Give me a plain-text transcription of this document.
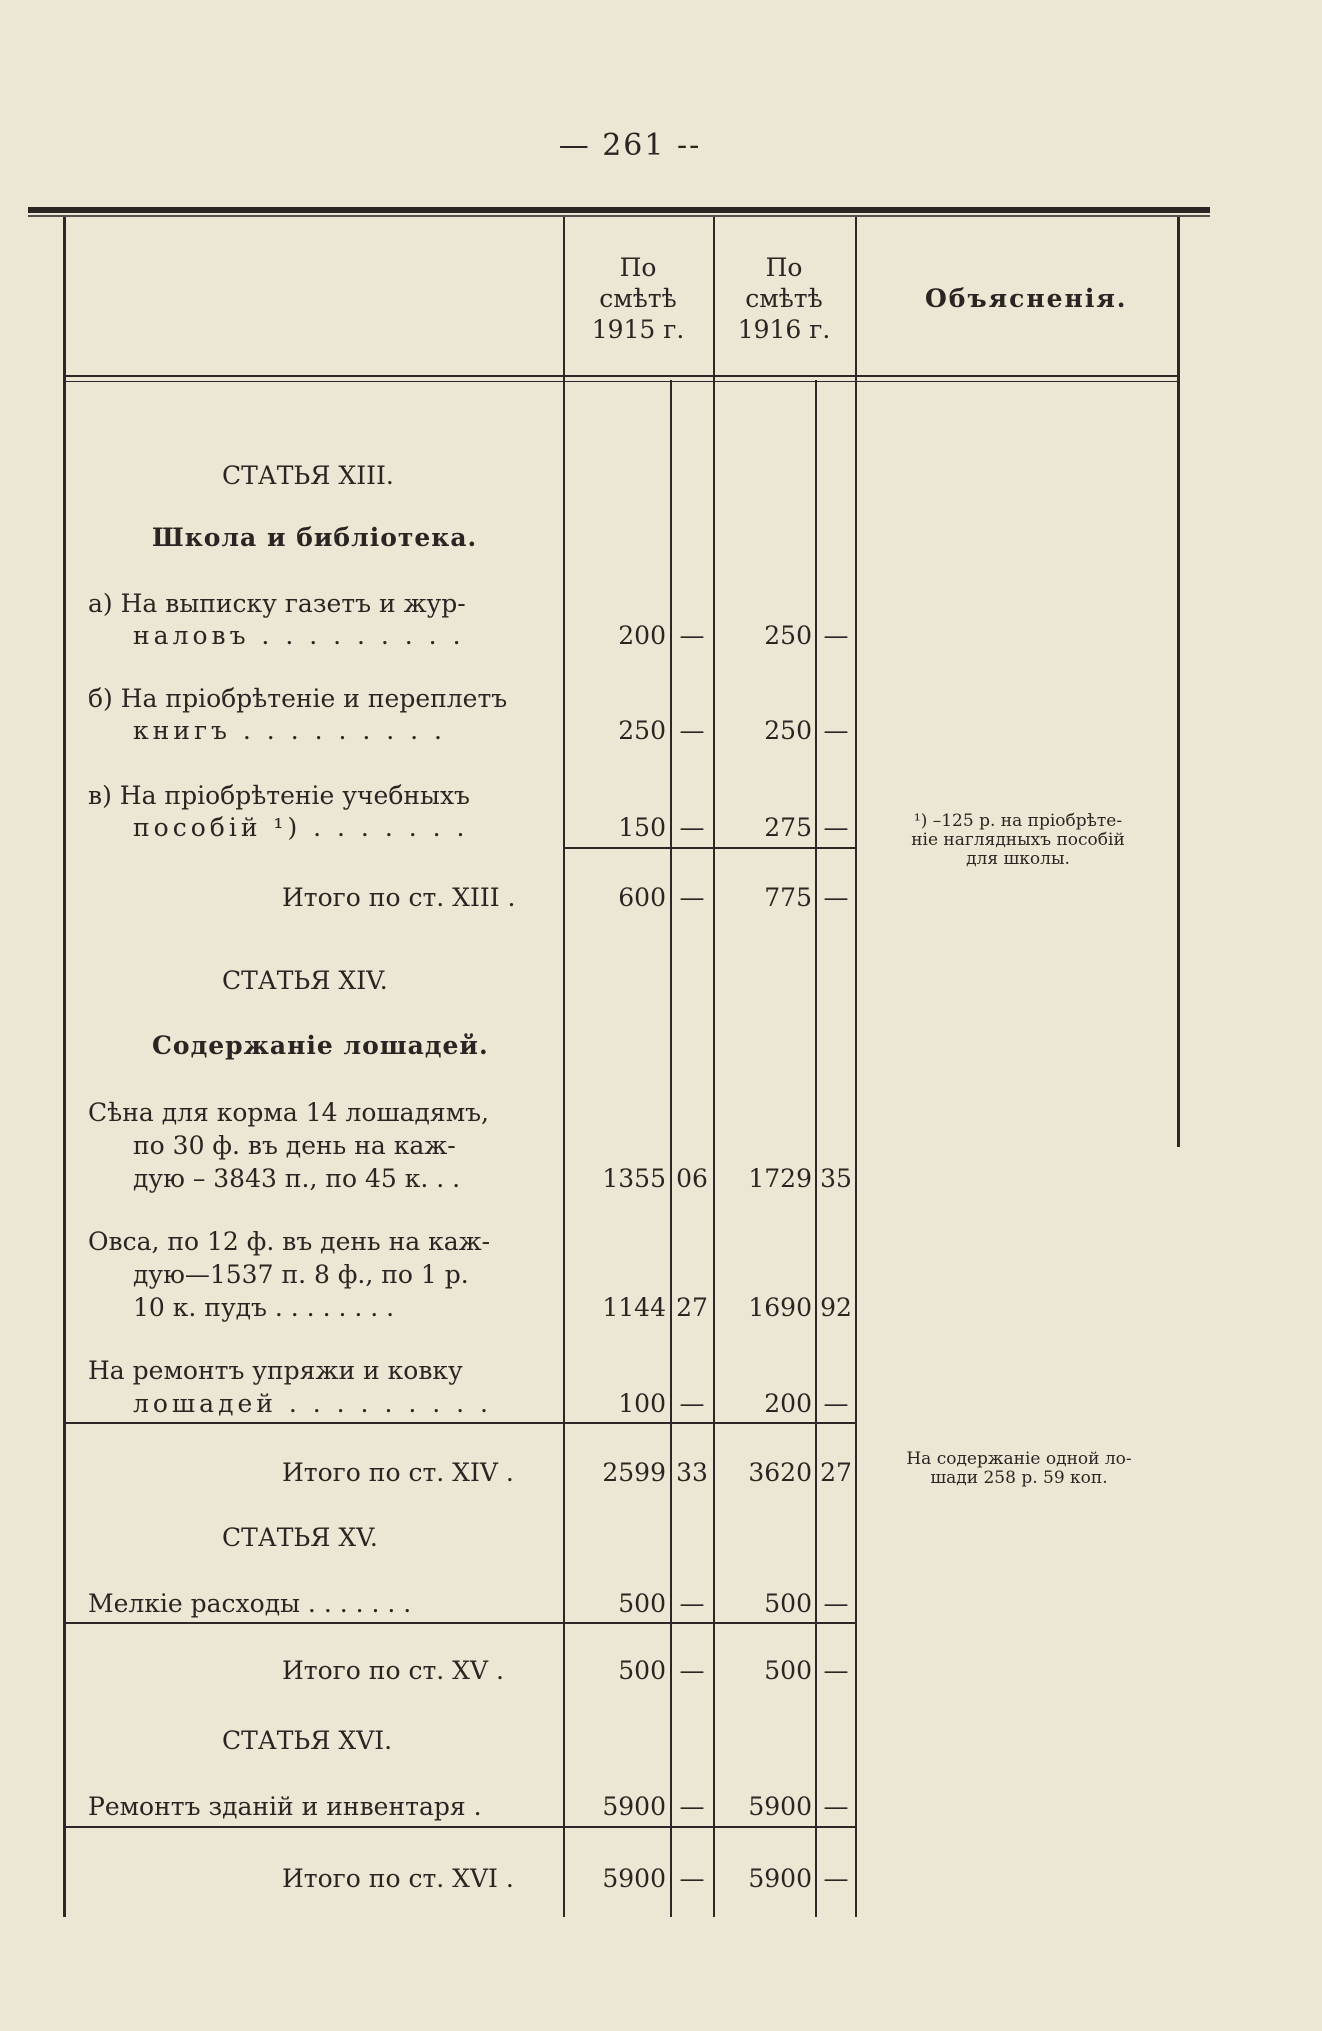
— 261 --
По
смѣтѣ
1915 г.
По
смѣтѣ
1916 г.
Объясненія.
СТАТЬЯ XIII.
Школа и библіотека.
а) На выписку газетъ и жур-
наловъ . . . . . . . . .	200 —	250 —
б) На пріобрѣтеніе и переплетъ
книгъ . . . . . . . . .	250 —	250 —
в) На пріобрѣтеніе учебныхъ
пособій ¹) . . . . . . .	150 —	275 —	¹) –125 р. на пріобрѣте-
ніе наглядныхъ пособій
для школы.
Итого по ст. XIII .	600 —	775 —
СТАТЬЯ XIV.
Содержаніе лошадей.
Сѣна для корма 14 лошадямъ,
по 30 ф. въ день на каж-
дую – 3843 п., по 45 к. . .	1355 06	1729 35
Овса, по 12 ф. въ день на каж-
дую—1537 п. 8 ф., по 1 р.
10 к. пудъ . . . . . . . .	1144 27	1690 92
На ремонтъ упряжи и ковку
лошадей . . . . . . . . .	100 —	200 —
Итого по ст. XIV .	2599 33	3620 27	На содержаніе одной ло-
шади 258 р. 59 коп.
СТАТЬЯ XV.
Мелкіе расходы . . . . . . .	500 —	500 —
Итого по ст. XV .	500 —	500 —
СТАТЬЯ XVI.
Ремонтъ зданій и инвентаря .	5900 —	5900 —
Итого по ст. XVI .	5900 —	5900 —
